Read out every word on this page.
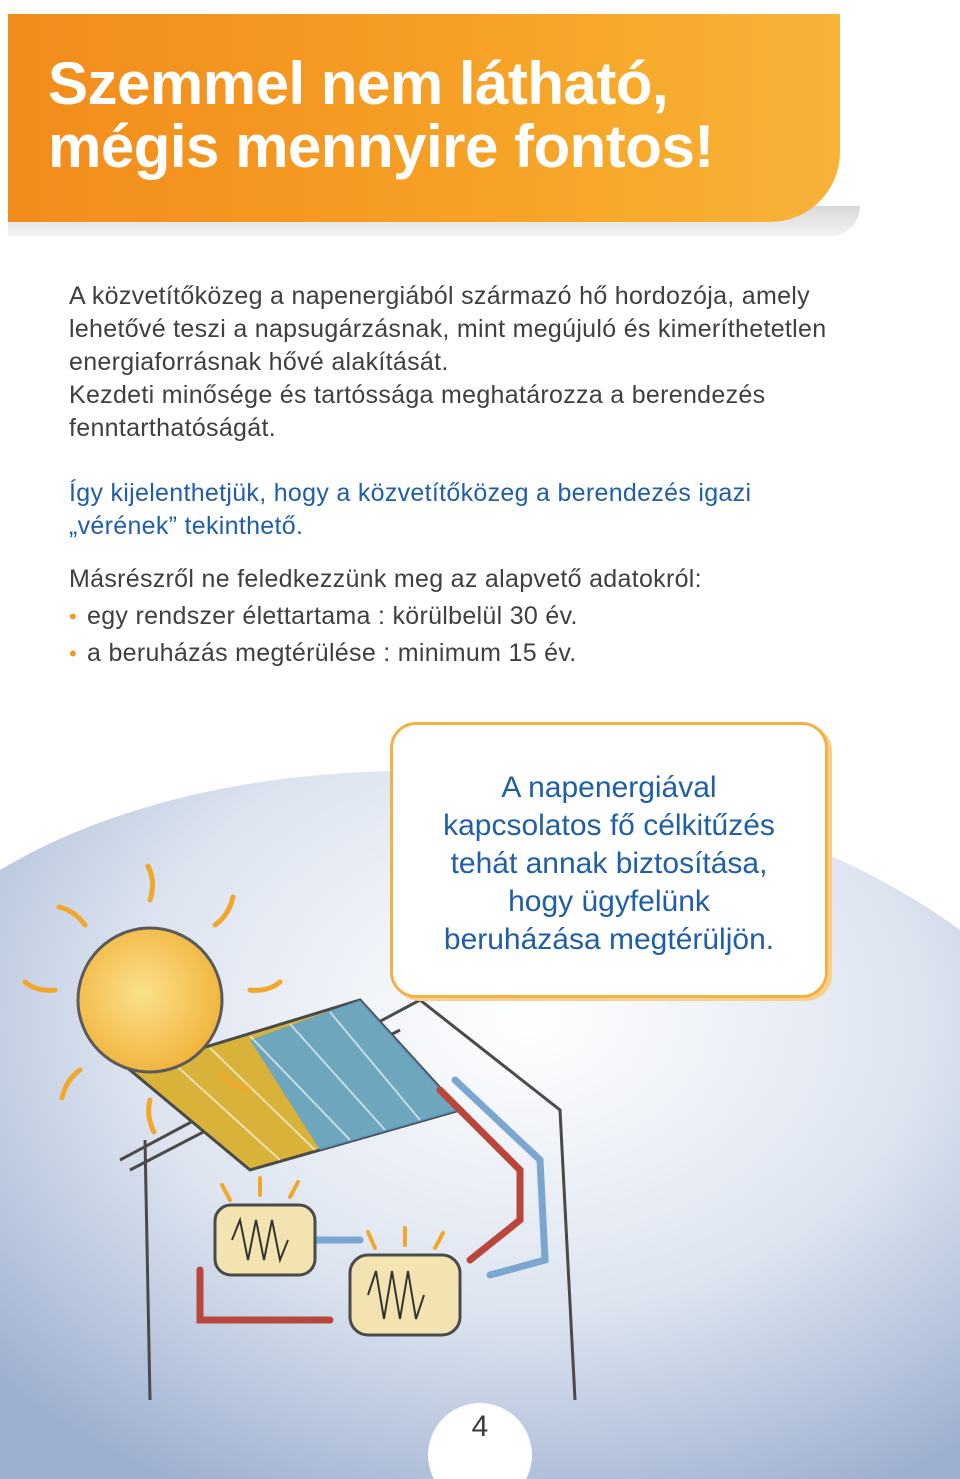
Szemmel nem látható,
mégis mennyire fontos!

A közvetítőközeg a napenergiából származó hő hordozója, amely
lehetővé teszi a napsugárzásnak, mint megújuló és kimeríthetetlen
energiaforrásnak hővé alakítását.
Kezdeti minősége és tartóssága meghatározza a berendezés
fenntarthatóságát.

Így kijelenthetjük, hogy a közvetítőközeg a berendezés igazi
„vérének” tekinthető.

Másrészről ne feledkezzünk meg az alapvető adatokról:

• egy rendszer élettartama : körülbelül 30 év.
• a beruházás megtérülése : minimum 15 év.

A napenergiával
kapcsolatos fő célkitűzés
tehát annak biztosítása,
hogy ügyfelünk
beruházása megtérüljön.

4
